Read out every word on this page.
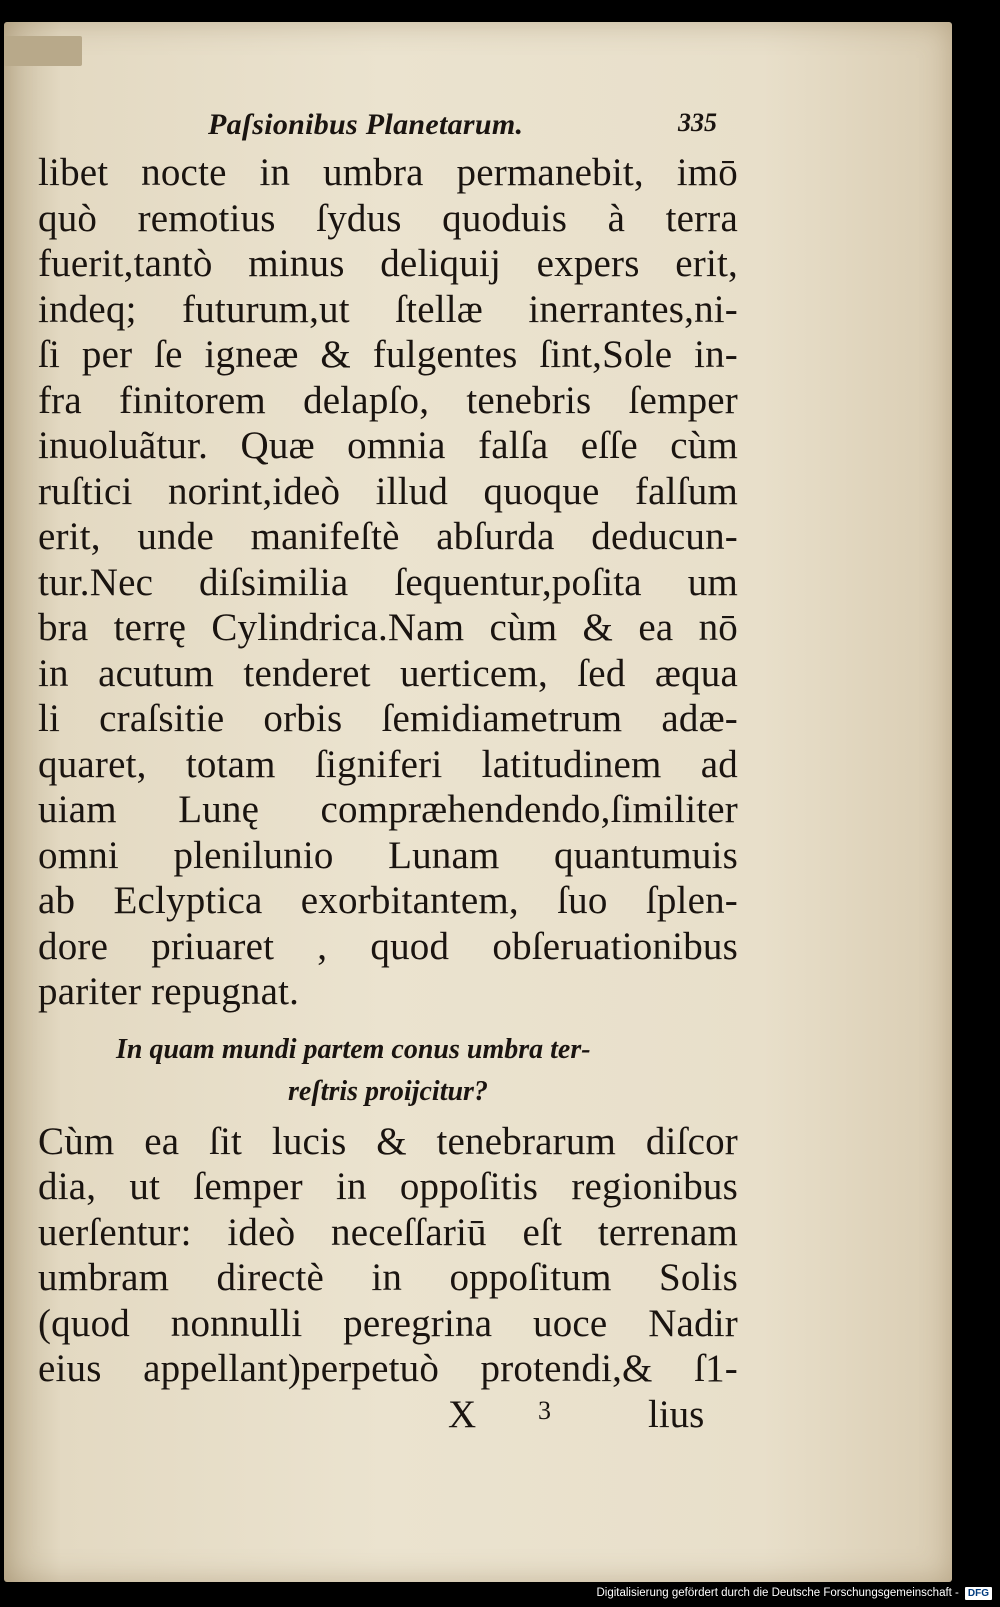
Paſsionibus Planetarum.	335
libet nocte in umbra permanebit, imō
quò remotius ſydus quoduis à terra
fuerit,tantò minus deliquij expers erit,
indeq; futurum,ut ſtellæ inerrantes,ni-
ſi per ſe igneæ & fulgentes ſint,Sole in-
fra finitorem delapſo, tenebris ſemper
inuoluãtur. Quæ omnia falſa eſſe cùm
ruſtici norint,ideò illud quoque falſum
erit, unde manifeſtè abſurda deducun-
tur.Nec diſsimilia ſequentur,poſita um
bra terrę Cylindrica.Nam cùm & ea nō
in acutum tenderet uerticem, ſed æqua
li craſsitie orbis ſemidiametrum adæ-
quaret, totam ſigniferi latitudinem ad
uiam Lunę compræhendendo,ſimiliter
omni plenilunio Lunam quantumuis
ab Eclyptica exorbitantem, ſuo ſplen-
dore priuaret , quod obſeruationibus
pariter repugnat.
In quam mundi partem conus umbra ter-
reſtris proijcitur?
Cùm ea ſit lucis & tenebrarum diſcor
dia, ut ſemper in oppoſitis regionibus
uerſentur: ideò neceſſariū eſt terrenam
umbram directè in oppoſitum Solis
(quod nonnulli peregrina uoce Nadir
eius appellant)perpetuò protendi,& ſ1-
X 3 lius
Digitalisierung gefördert durch die Deutsche Forschungsgemeinschaft - DFG
